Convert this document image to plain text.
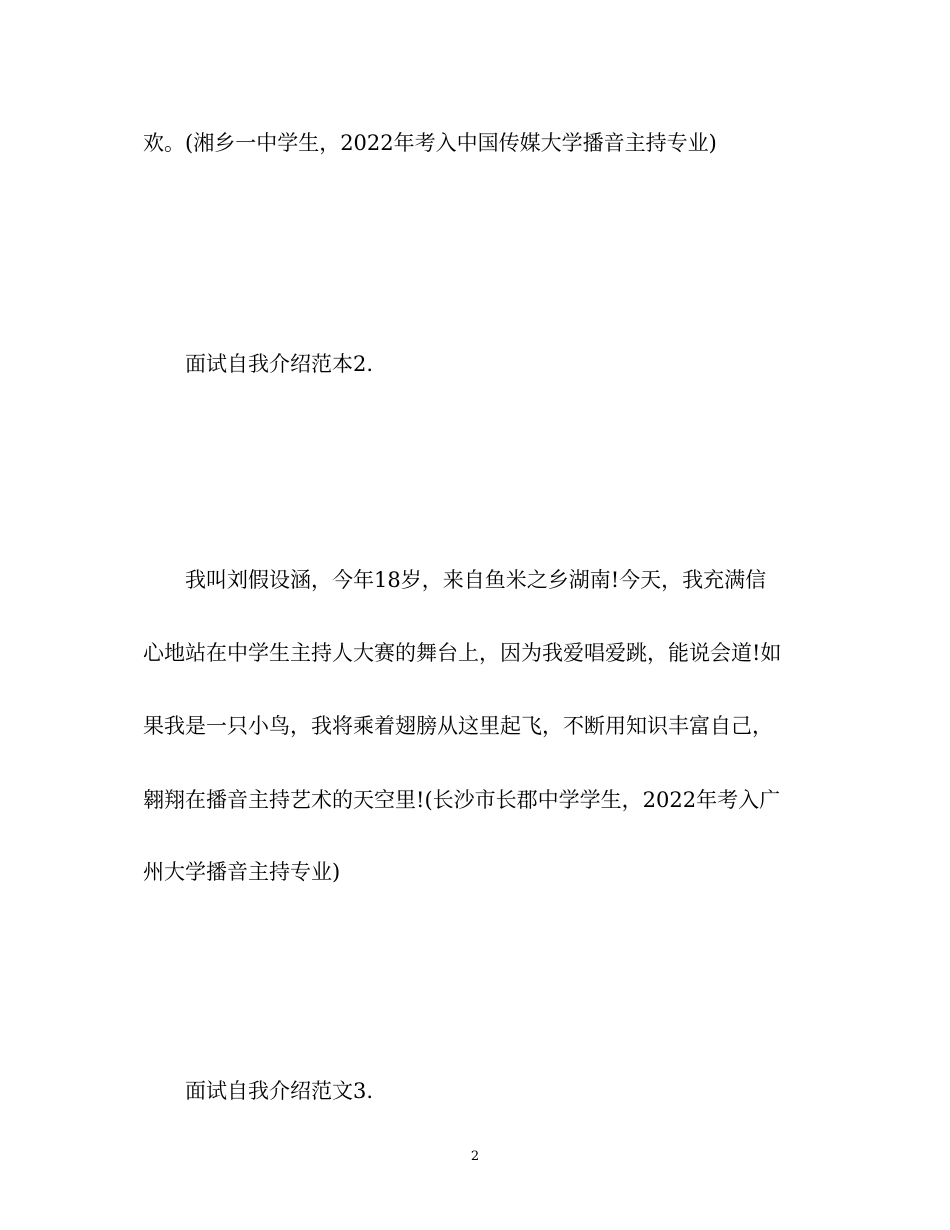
欢。(湘乡一中学生，2022年考入中国传媒大学播音主持专业)
面试自我介绍范本2.
我叫刘假设涵，今年18岁，来自鱼米之乡湖南!今天，我充满信
心地站在中学生主持人大赛的舞台上，因为我爱唱爱跳，能说会道!如
果我是一只小鸟，我将乘着翅膀从这里起飞，不断用知识丰富自己，
翱翔在播音主持艺术的天空里!(长沙市长郡中学学生，2022年考入广
州大学播音主持专业)
面试自我介绍范文3.
2
